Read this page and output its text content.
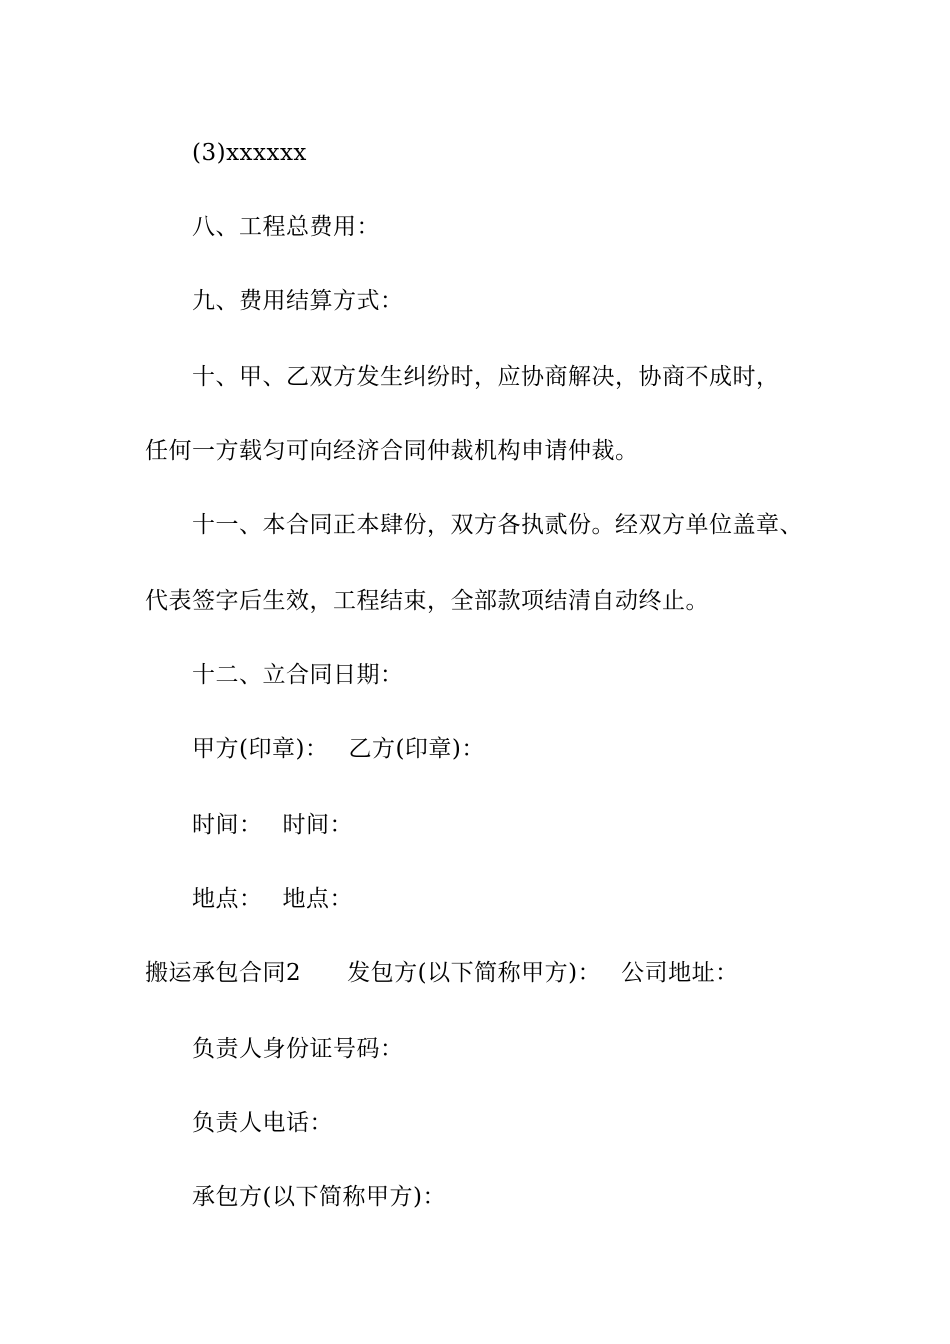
(3)xxxxxx
八、工程总费用：
九、费用结算方式：
十、甲、乙双方发生纠纷时，应协商解决，协商不成时，
任何一方载匀可向经济合同仲裁机构申请仲裁。
十一、本合同正本肆份，双方各执贰份。经双方单位盖章、
代表签字后生效，工程结束，全部款项结清自动终止。
十二、立合同日期：
甲方(印章)： 乙方(印章)：
时间： 时间：
地点： 地点：
搬运承包合同2 发包方(以下简称甲方)： 公司地址：
负责人身份证号码：
负责人电话：
承包方(以下简称甲方)：
